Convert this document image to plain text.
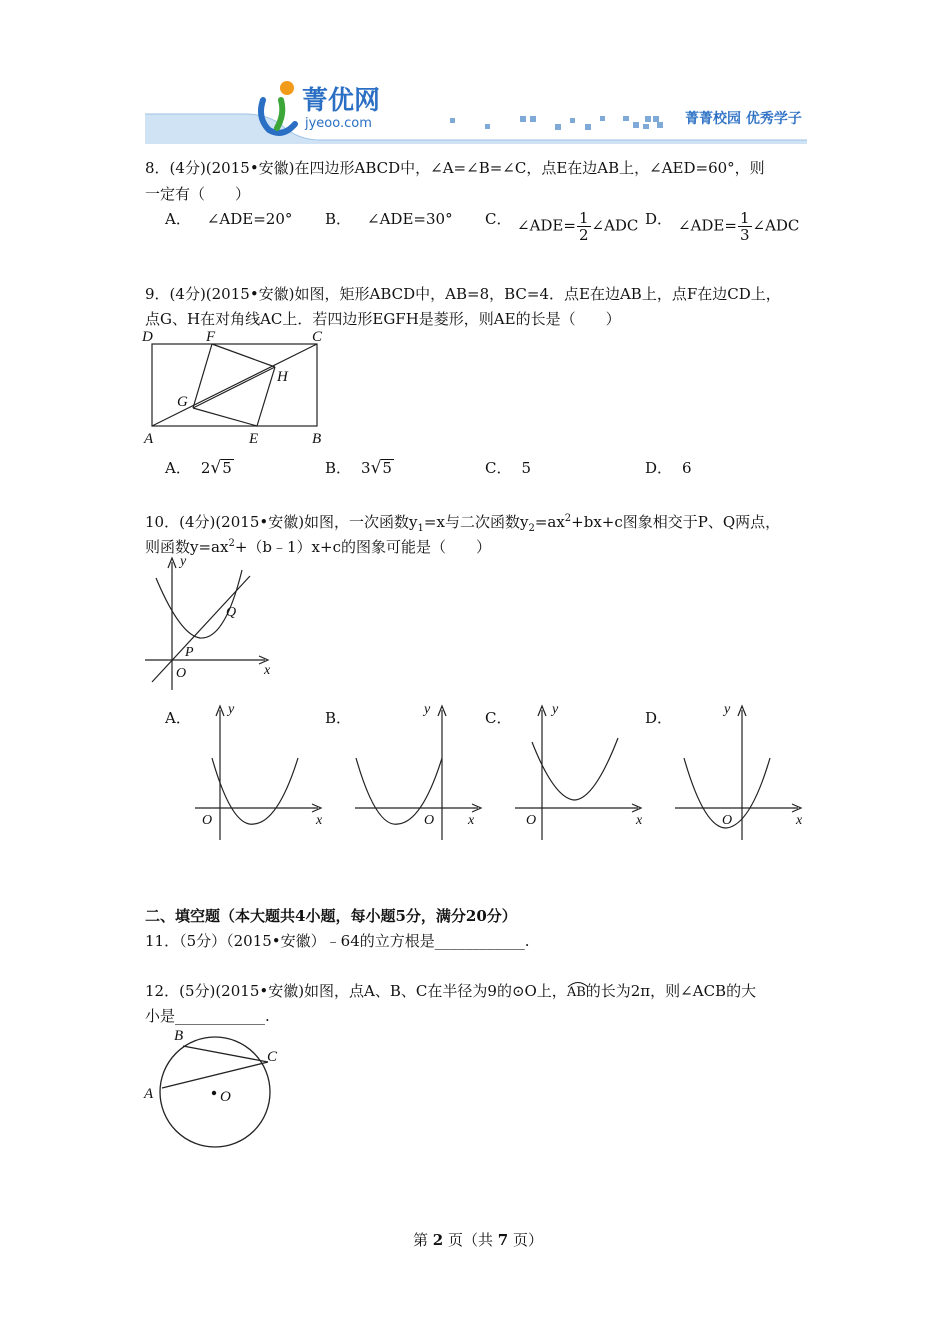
菁优网
jyeoo.com	菁菁校园 优秀学子
8．(4分)(2015•安徽)在四边形ABCD中，∠A=∠B=∠C，点E在边AB上，∠AED=60°，则
一定有（　　）
A． ∠ADE=20° B． ∠ADE=30° C． ∠ADE= $\frac{1}{2}$ ∠ADC D． ∠ADE= $\frac{1}{3}$ ∠ADC
9．(4分)(2015•安徽)如图，矩形ABCD中，AB=8，BC=4．点E在边AB上，点F在边CD上，
点G、H在对角线AC上．若四边形EGFH是菱形，则AE的长是（　　）
D	F	C
H
G
A	E	B
A． 2√5	B． 3√5	C． 5	D． 6
10．(4分)(2015•安徽)如图，一次函数$y_1=x$与二次函数$y_2=ax^2+bx+c$图象相交于P、Q两点，
则函数$y=ax^2+(b﹣1)x+c$的图象可能是（　　）
y
x
O
P
Q
A．	B．	C．	D．
y
x
O
y
x
O
y
x
O
y
x
O
二、填空题（本大题共4小题，每小题5分，满分20分）
11．（5分）（2015•安徽）﹣64的立方根是____________.
12．(5分)(2015•安徽)如图，点A、B、C在半径为9的⊙O上，
AB的长为2π，则∠ACB的大
小是____________.
B
C
A	O
第 2 页（共 7 页）
